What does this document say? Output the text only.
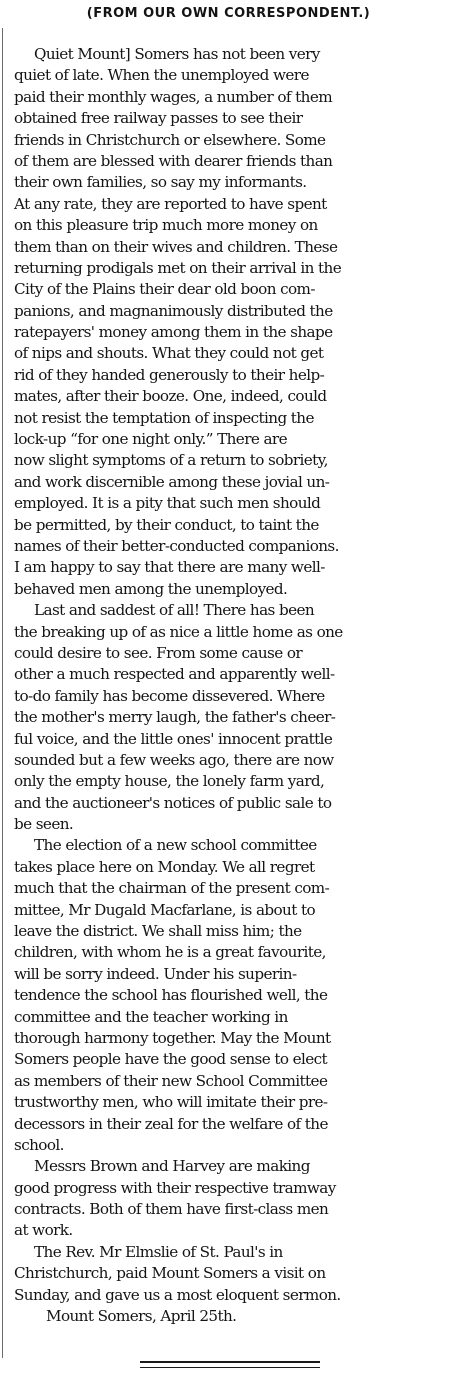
(FROM OUR OWN CORRESPONDENT.)

Quiet Mount] Somers has not been very
quiet of late. When the unemployed were
paid their monthly wages, a number of them
obtained free railway passes to see their
friends in Christchurch or elsewhere. Some
of them are blessed with dearer friends than
their own families, so say my informants.
At any rate, they are reported to have spent
on this pleasure trip much more money on
them than on their wives and children. These
returning prodigals met on their arrival in the
City of the Plains their dear old boon com-
panions, and magnanimously distributed the
ratepayers' money among them in the shape
of nips and shouts. What they could not get
rid of they handed generously to their help-
mates, after their booze. One, indeed, could
not resist the temptation of inspecting the
lock-up “for one night only.” There are
now slight symptoms of a return to sobriety,
and work discernible among these jovial un-
employed. It is a pity that such men should
be permitted, by their conduct, to taint the
names of their better-conducted companions.
I am happy to say that there are many well-
behaved men among the unemployed.

Last and saddest of all! There has been
the breaking up of as nice a little home as one
could desire to see. From some cause or
other a much respected and apparently well-
to-do family has become dissevered. Where
the mother's merry laugh, the father's cheer-
ful voice, and the little ones' innocent prattle
sounded but a few weeks ago, there are now
only the empty house, the lonely farm yard,
and the auctioneer's notices of public sale to
be seen.

The election of a new school committee
takes place here on Monday. We all regret
much that the chairman of the present com-
mittee, Mr Dugald Macfarlane, is about to
leave the district. We shall miss him; the
children, with whom he is a great favourite,
will be sorry indeed. Under his superin-
tendence the school has flourished well, the
committee and the teacher working in
thorough harmony together. May the Mount
Somers people have the good sense to elect
as members of their new School Committee
trustworthy men, who will imitate their pre-
decessors in their zeal for the welfare of the
school.

Messrs Brown and Harvey are making
good progress with their respective tramway
contracts. Both of them have first-class men
at work.

The Rev. Mr Elmslie of St. Paul's in
Christchurch, paid Mount Somers a visit on
Sunday, and gave us a most eloquent sermon.

Mount Somers, April 25th.
